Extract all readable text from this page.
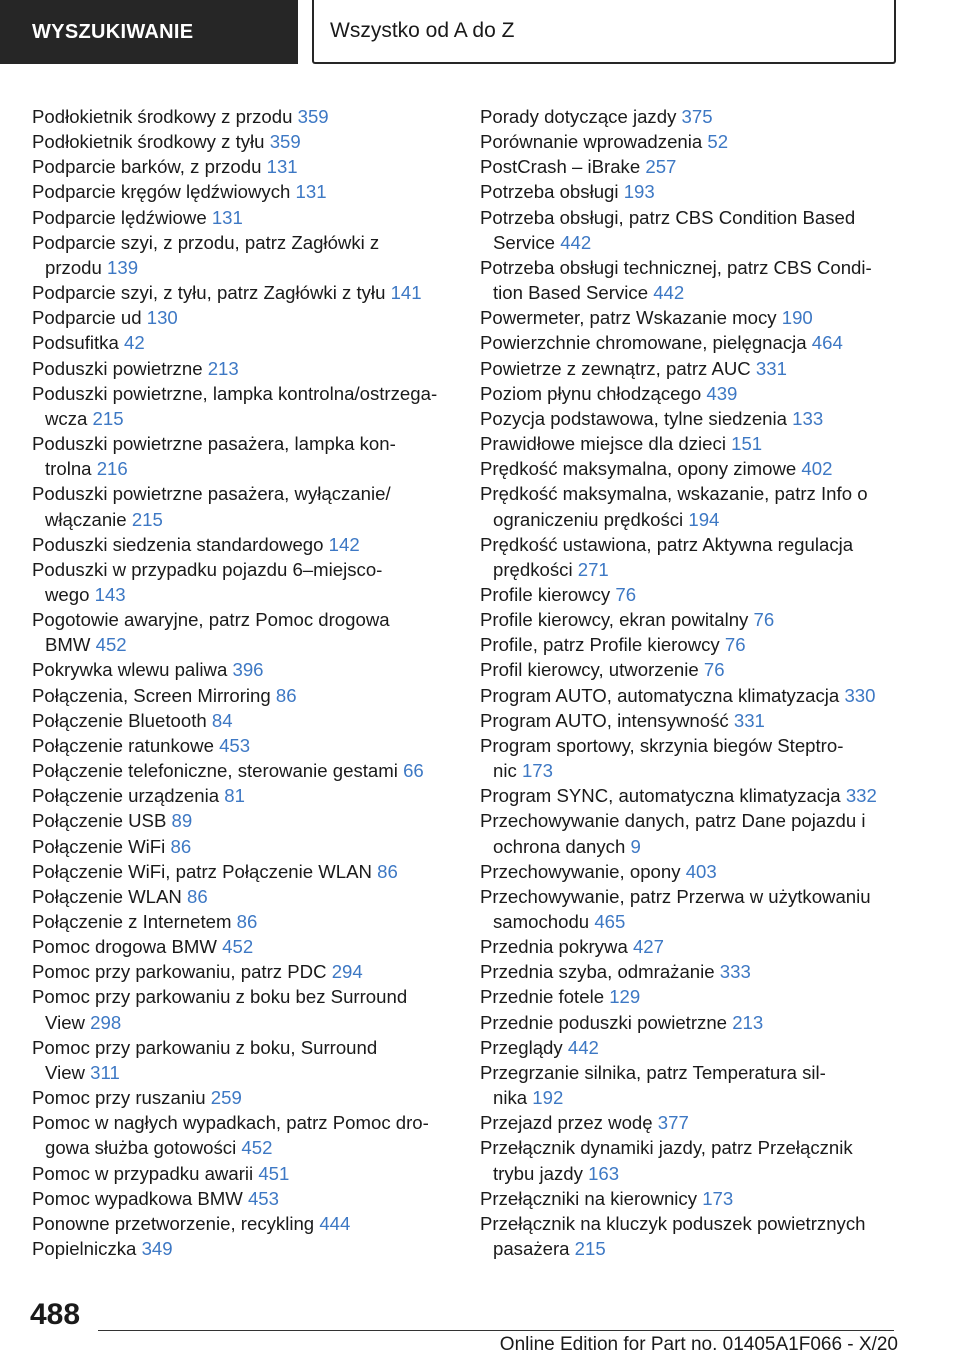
WYSZUKIWANIE	Wszystko od A do Z
Podłokietnik środkowy z przodu 359
Podłokietnik środkowy z tyłu 359
Podparcie barków, z przodu 131
Podparcie kręgów lędźwiowych 131
Podparcie lędźwiowe 131
Podparcie szyi, z przodu, patrz Zagłówki z
przodu 139
Podparcie szyi, z tyłu, patrz Zagłówki z tyłu 141
Podparcie ud 130
Podsufitka 42
Poduszki powietrzne 213
Poduszki powietrzne, lampka kontrolna/ostrzega-
wcza 215
Poduszki powietrzne pasażera, lampka kon-
trolna 216
Poduszki powietrzne pasażera, wyłączanie/
włączanie 215
Poduszki siedzenia standardowego 142
Poduszki w przypadku pojazdu 6–miejsco-
wego 143
Pogotowie awaryjne, patrz Pomoc drogowa
BMW 452
Pokrywka wlewu paliwa 396
Połączenia, Screen Mirroring 86
Połączenie Bluetooth 84
Połączenie ratunkowe 453
Połączenie telefoniczne, sterowanie gestami 66
Połączenie urządzenia 81
Połączenie USB 89
Połączenie WiFi 86
Połączenie WiFi, patrz Połączenie WLAN 86
Połączenie WLAN 86
Połączenie z Internetem 86
Pomoc drogowa BMW 452
Pomoc przy parkowaniu, patrz PDC 294
Pomoc przy parkowaniu z boku bez Surround
View 298
Pomoc przy parkowaniu z boku, Surround
View 311
Pomoc przy ruszaniu 259
Pomoc w nagłych wypadkach, patrz Pomoc dro-
gowa służba gotowości 452
Pomoc w przypadku awarii 451
Pomoc wypadkowa BMW 453
Ponowne przetworzenie, recykling 444
Popielniczka 349
Porady dotyczące jazdy 375
Porównanie wprowadzenia 52
PostCrash – iBrake 257
Potrzeba obsługi 193
Potrzeba obsługi, patrz CBS Condition Based
Service 442
Potrzeba obsługi technicznej, patrz CBS Condi-
tion Based Service 442
Powermeter, patrz Wskazanie mocy 190
Powierzchnie chromowane, pielęgnacja 464
Powietrze z zewnątrz, patrz AUC 331
Poziom płynu chłodzącego 439
Pozycja podstawowa, tylne siedzenia 133
Prawidłowe miejsce dla dzieci 151
Prędkość maksymalna, opony zimowe 402
Prędkość maksymalna, wskazanie, patrz Info o
ograniczeniu prędkości 194
Prędkość ustawiona, patrz Aktywna regulacja
prędkości 271
Profile kierowcy 76
Profile kierowcy, ekran powitalny 76
Profile, patrz Profile kierowcy 76
Profil kierowcy, utworzenie 76
Program AUTO, automatyczna klimatyzacja 330
Program AUTO, intensywność 331
Program sportowy, skrzynia biegów Steptro-
nic 173
Program SYNC, automatyczna klimatyzacja 332
Przechowywanie danych, patrz Dane pojazdu i
ochrona danych 9
Przechowywanie, opony 403
Przechowywanie, patrz Przerwa w użytkowaniu
samochodu 465
Przednia pokrywa 427
Przednia szyba, odmrażanie 333
Przednie fotele 129
Przednie poduszki powietrzne 213
Przeglądy 442
Przegrzanie silnika, patrz Temperatura sil-
nika 192
Przejazd przez wodę 377
Przełącznik dynamiki jazdy, patrz Przełącznik
trybu jazdy 163
Przełączniki na kierownicy 173
Przełącznik na kluczyk poduszek powietrznych
pasażera 215
488
Online Edition for Part no. 01405A1F066 - X/20
